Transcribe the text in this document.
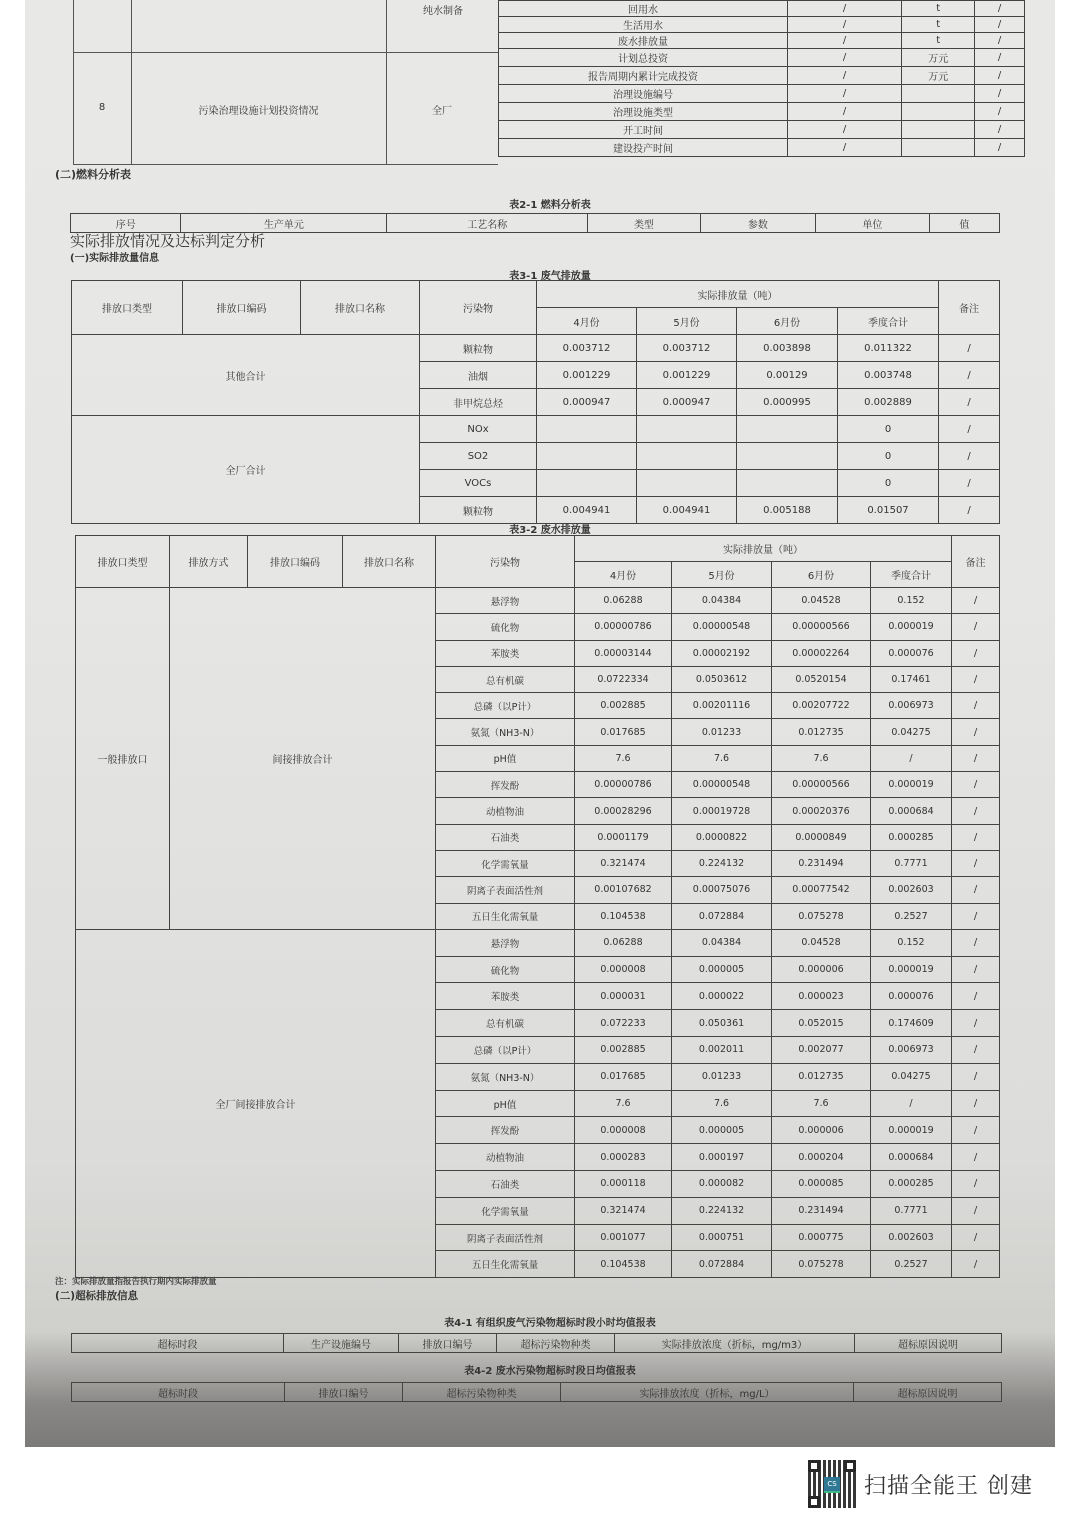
纯水制备
8	污染治理设施计划投资情况	全厂
回用水	/	t	/
生活用水	/	t	/
废水排放量	/	t	/
计划总投资	/	万元	/
报告周期内累计完成投资	/	万元	/
治理设施编号	/		/
治理设施类型	/		/
开工时间	/		/
建设投产时间	/		/
(二)燃料分析表
表2-1 燃料分析表
序号	生产单元	工艺名称	类型	参数	单位	值
实际排放情况及达标判定分析
(一)实际排放量信息
表3-1 废气排放量
排放口类型	排放口编码	排放口名称	污染物	实际排放量（吨）				备注
				4月份	5月份	6月份	季度合计	
其他合计			颗粒物	0.003712	0.003712	0.003898	0.011322	/
			油烟	0.001229	0.001229	0.00129	0.003748	/
			非甲烷总烃	0.000947	0.000947	0.000995	0.002889	/
全厂合计			NOx				0	/
			SO2				0	/
			VOCs				0	/
			颗粒物	0.004941	0.004941	0.005188	0.01507	/
表3-2 废水排放量
排放口类型	排放方式	排放口编码	排放口名称	污染物	实际排放量（吨）				备注
					4月份	5月份	6月份	季度合计	
一般排放口	间接排放合计			悬浮物	0.06288	0.04384	0.04528	0.152	/
				硫化物	0.00000786	0.00000548	0.00000566	0.000019	/
				苯胺类	0.00003144	0.00002192	0.00002264	0.000076	/
				总有机碳	0.0722334	0.0503612	0.0520154	0.17461	/
				总磷（以P计）	0.002885	0.00201116	0.00207722	0.006973	/
				氨氮（NH3-N）	0.017685	0.01233	0.012735	0.04275	/
				pH值	7.6	7.6	7.6	/	/
				挥发酚	0.00000786	0.00000548	0.00000566	0.000019	/
				动植物油	0.00028296	0.00019728	0.00020376	0.000684	/
				石油类	0.0001179	0.0000822	0.0000849	0.000285	/
				化学需氧量	0.321474	0.224132	0.231494	0.7771	/
				阴离子表面活性剂	0.00107682	0.00075076	0.00077542	0.002603	/
				五日生化需氧量	0.104538	0.072884	0.075278	0.2527	/
全厂间接排放合计				悬浮物	0.06288	0.04384	0.04528	0.152	/
				硫化物	0.000008	0.000005	0.000006	0.000019	/
				苯胺类	0.000031	0.000022	0.000023	0.000076	/
				总有机碳	0.072233	0.050361	0.052015	0.174609	/
				总磷（以P计）	0.002885	0.002011	0.002077	0.006973	/
				氨氮（NH3-N）	0.017685	0.01233	0.012735	0.04275	/
				pH值	7.6	7.6	7.6	/	/
				挥发酚	0.000008	0.000005	0.000006	0.000019	/
				动植物油	0.000283	0.000197	0.000204	0.000684	/
				石油类	0.000118	0.000082	0.000085	0.000285	/
				化学需氧量	0.321474	0.224132	0.231494	0.7771	/
				阴离子表面活性剂	0.001077	0.000751	0.000775	0.002603	/
				五日生化需氧量	0.104538	0.072884	0.075278	0.2527	/
注：实际排放量指报告执行期内实际排放量
(二)超标排放信息
表4-1 有组织废气污染物超标时段小时均值报表
超标时段	生产设施编号	排放口编号	超标污染物种类	实际排放浓度（折标，mg/m3）	超标原因说明
表4-2 废水污染物超标时段日均值报表
超标时段	排放口编号	超标污染物种类	实际排放浓度（折标，mg/L）	超标原因说明
CS 扫描全能王 创建
